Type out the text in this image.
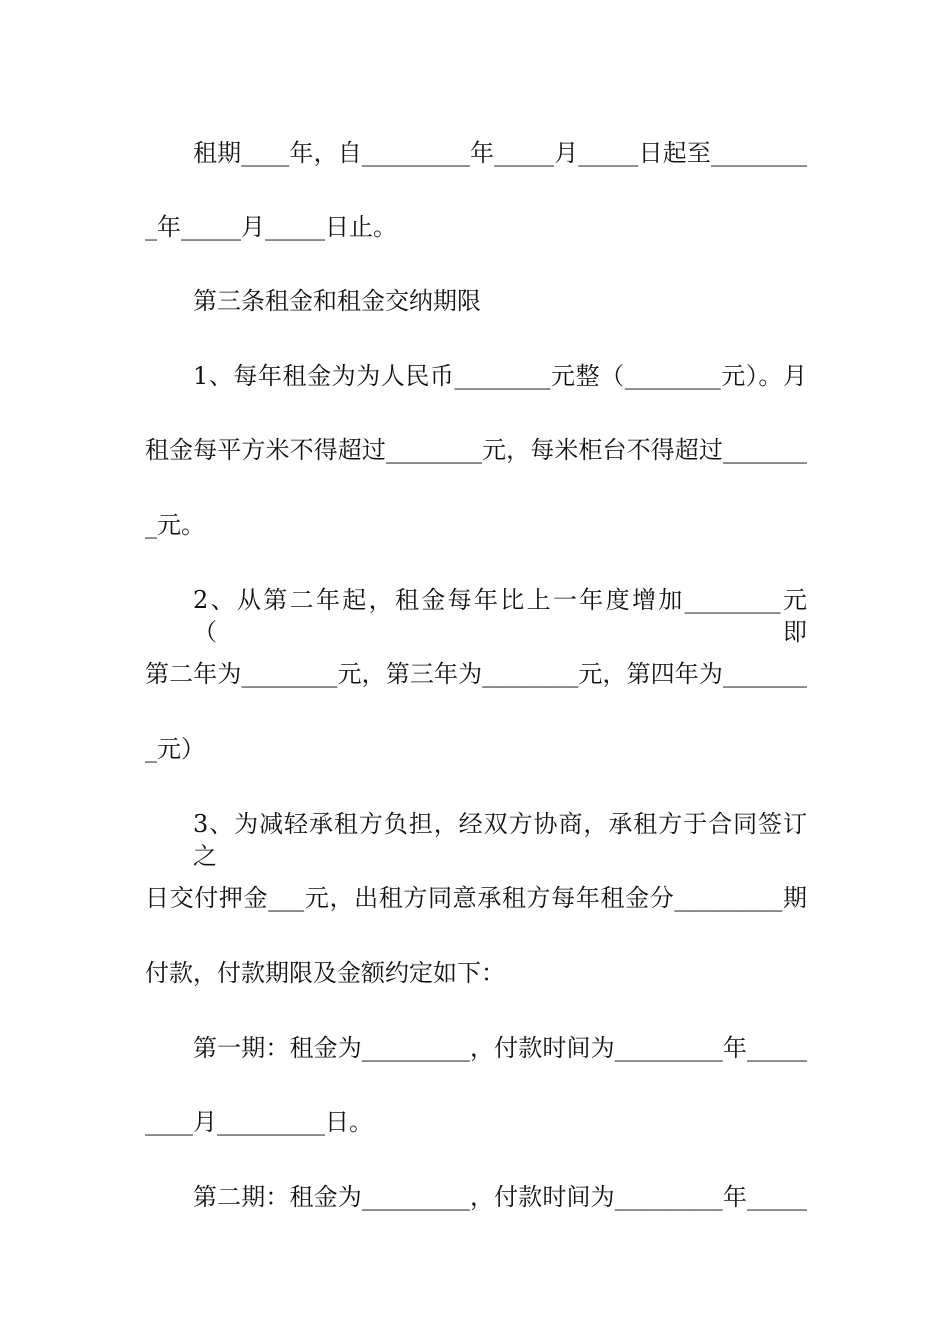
租期____年，自_________年_____月_____日起至________
_年_____月_____日止。
第三条租金和租金交纳期限
1、每年租金为为人民币________元整（________元）。月
租金每平方米不得超过________元，每米柜台不得超过_______
_元。
2、从第二年起，租金每年比上一年度增加________元（即
第二年为________元，第三年为________元，第四年为_______
_元）
3、为减轻承租方负担，经双方协商，承租方于合同签订之
日交付押金___元，出租方同意承租方每年租金分_________期
付款，付款期限及金额约定如下：
第一期：租金为_________，付款时间为_________年_____
____月_________日。
第二期：租金为_________，付款时间为_________年_____
